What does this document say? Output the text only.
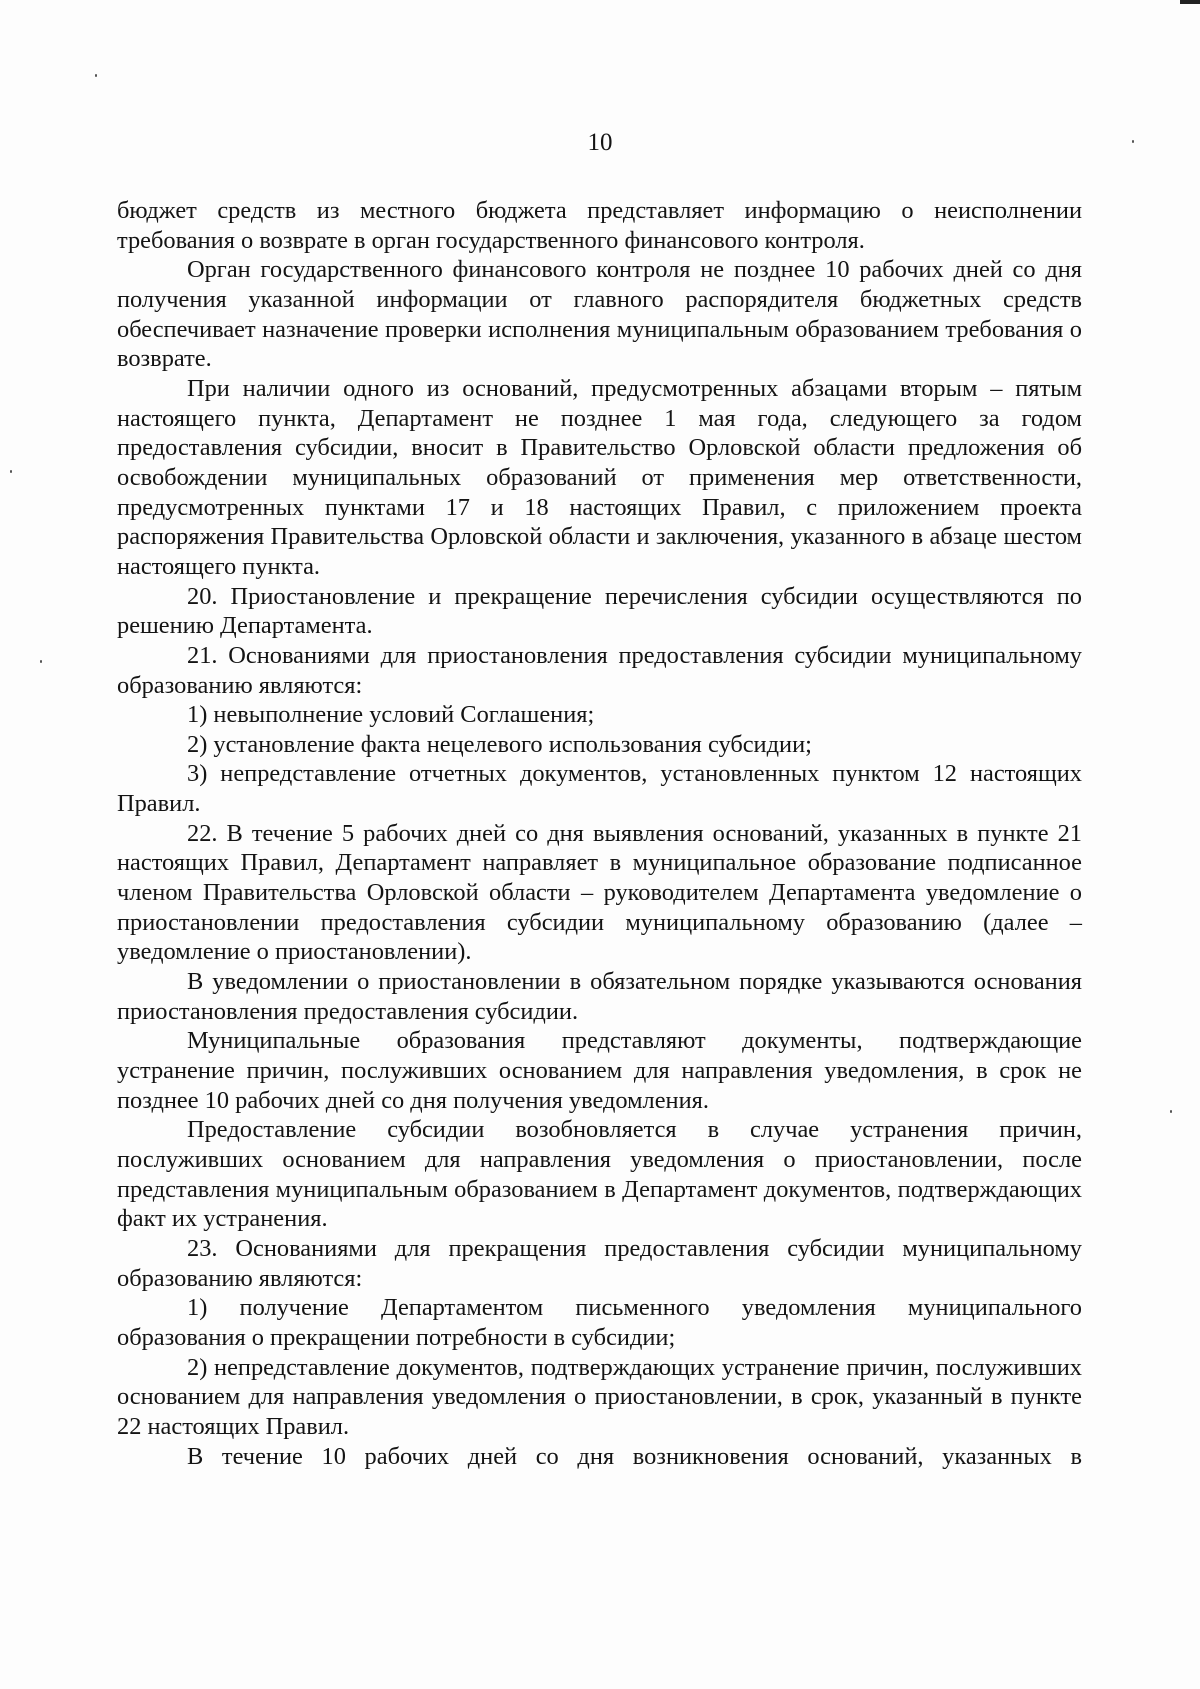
10

бюджет средств из местного бюджета представляет информацию о неисполнении требования о возврате в орган государственного финансового контроля.

Орган государственного финансового контроля не позднее 10 рабочих дней со дня получения указанной информации от главного распорядителя бюджетных средств обеспечивает назначение проверки исполнения муниципальным образованием требования о возврате.

При наличии одного из оснований, предусмотренных абзацами вторым – пятым настоящего пункта, Департамент не позднее 1 мая года, следующего за годом предоставления субсидии, вносит в Правительство Орловской области предложения об освобождении муниципальных образований от применения мер ответственности, предусмотренных пунктами 17 и 18 настоящих Правил, с приложением проекта распоряжения Правительства Орловской области и заключения, указанного в абзаце шестом настоящего пункта.

20. Приостановление и прекращение перечисления субсидии осуществляются по решению Департамента.

21. Основаниями для приостановления предоставления субсидии муниципальному образованию являются:

1) невыполнение условий Соглашения;

2) установление факта нецелевого использования субсидии;

3) непредставление отчетных документов, установленных пунктом 12 настоящих Правил.

22. В течение 5 рабочих дней со дня выявления оснований, указанных в пункте 21 настоящих Правил, Департамент направляет в муниципальное образование подписанное членом Правительства Орловской области – руководителем Департамента уведомление о приостановлении предоставления субсидии муниципальному образованию (далее – уведомление о приостановлении).

В уведомлении о приостановлении в обязательном порядке указываются основания приостановления предоставления субсидии.

Муниципальные образования представляют документы, подтверждающие устранение причин, послуживших основанием для направления уведомления, в срок не позднее 10 рабочих дней со дня получения уведомления.

Предоставление субсидии возобновляется в случае устранения причин, послуживших основанием для направления уведомления о приостановлении, после представления муниципальным образованием в Департамент документов, подтверждающих факт их устранения.

23. Основаниями для прекращения предоставления субсидии муниципальному образованию являются:

1) получение Департаментом письменного уведомления муниципального образования о прекращении потребности в субсидии;

2) непредставление документов, подтверждающих устранение причин, послуживших основанием для направления уведомления о приостановлении, в срок, указанный в пункте 22 настоящих Правил.

В течение 10 рабочих дней со дня возникновения оснований, указанных в
